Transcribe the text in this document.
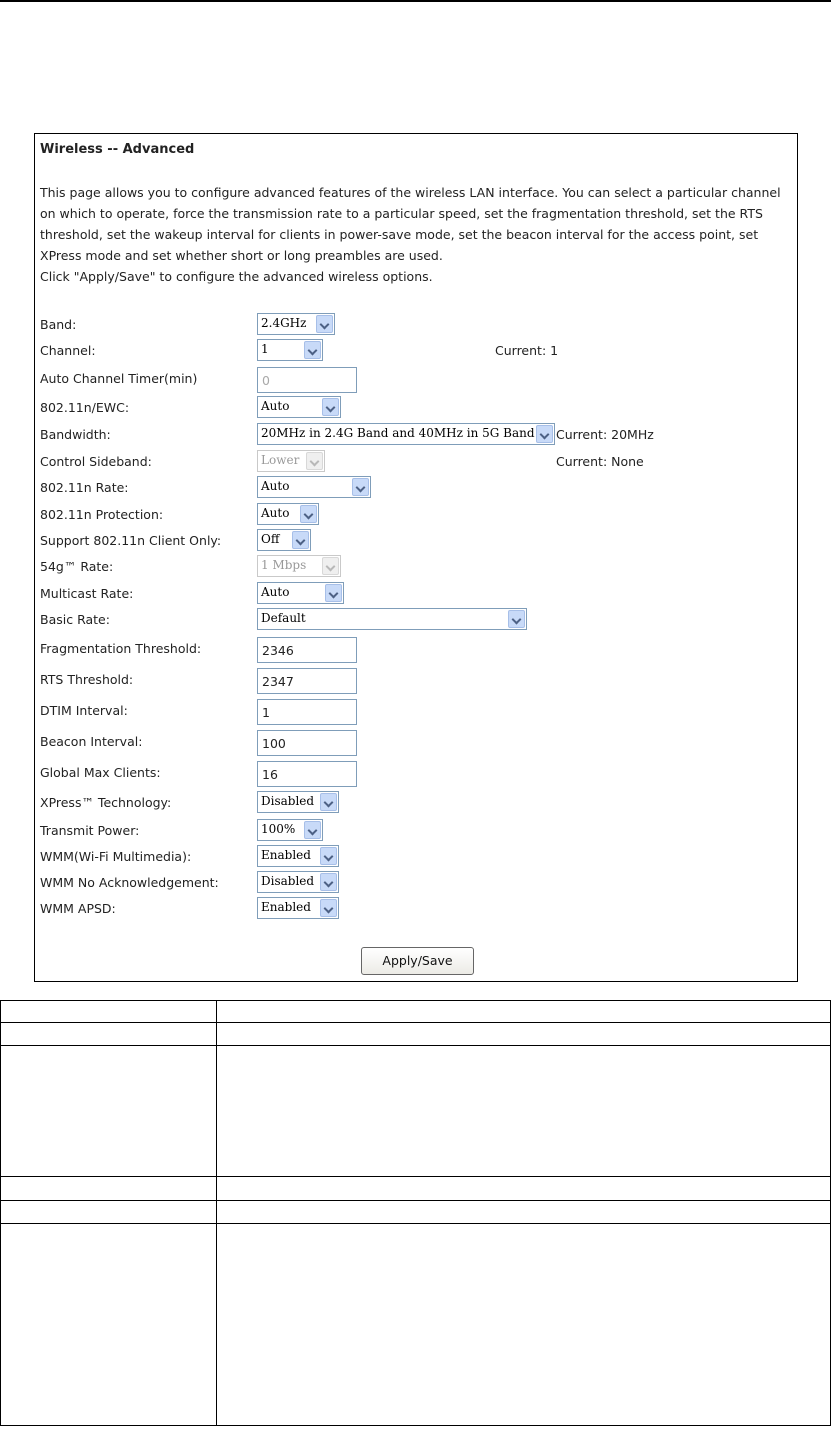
Wireless -- Advanced

This page allows you to configure advanced features of the wireless LAN interface. You can select a particular channel on which to operate, force the transmission rate to a particular speed, set the fragmentation threshold, set the RTS threshold, set the wakeup interval for clients in power-save mode, set the beacon interval for the access point, set XPress mode and set whether short or long preambles are used.

Click "Apply/Save" to configure the advanced wireless options.

Band:	2.4GHz
Channel:	1	Current: 1
Auto Channel Timer(min)	0
802.11n/EWC:	Auto
Bandwidth:	20MHz in 2.4G Band and 40MHz in 5G Band Current: 20MHz
Control Sideband:	Lower	Current: None
802.11n Rate:	Auto
802.11n Protection:	Auto
Support 802.11n Client Only:	Off
54g™ Rate:	1 Mbps
Multicast Rate:	Auto
Basic Rate:	Default
Fragmentation Threshold:	2346
RTS Threshold:	2347
DTIM Interval:	1
Beacon Interval:	100
Global Max Clients:	16
XPress™ Technology:	Disabled
Transmit Power:	100%
WMM(Wi-Fi Multimedia):	Enabled
WMM No Acknowledgement:	Disabled
WMM APSD:	Enabled
Apply/Save
